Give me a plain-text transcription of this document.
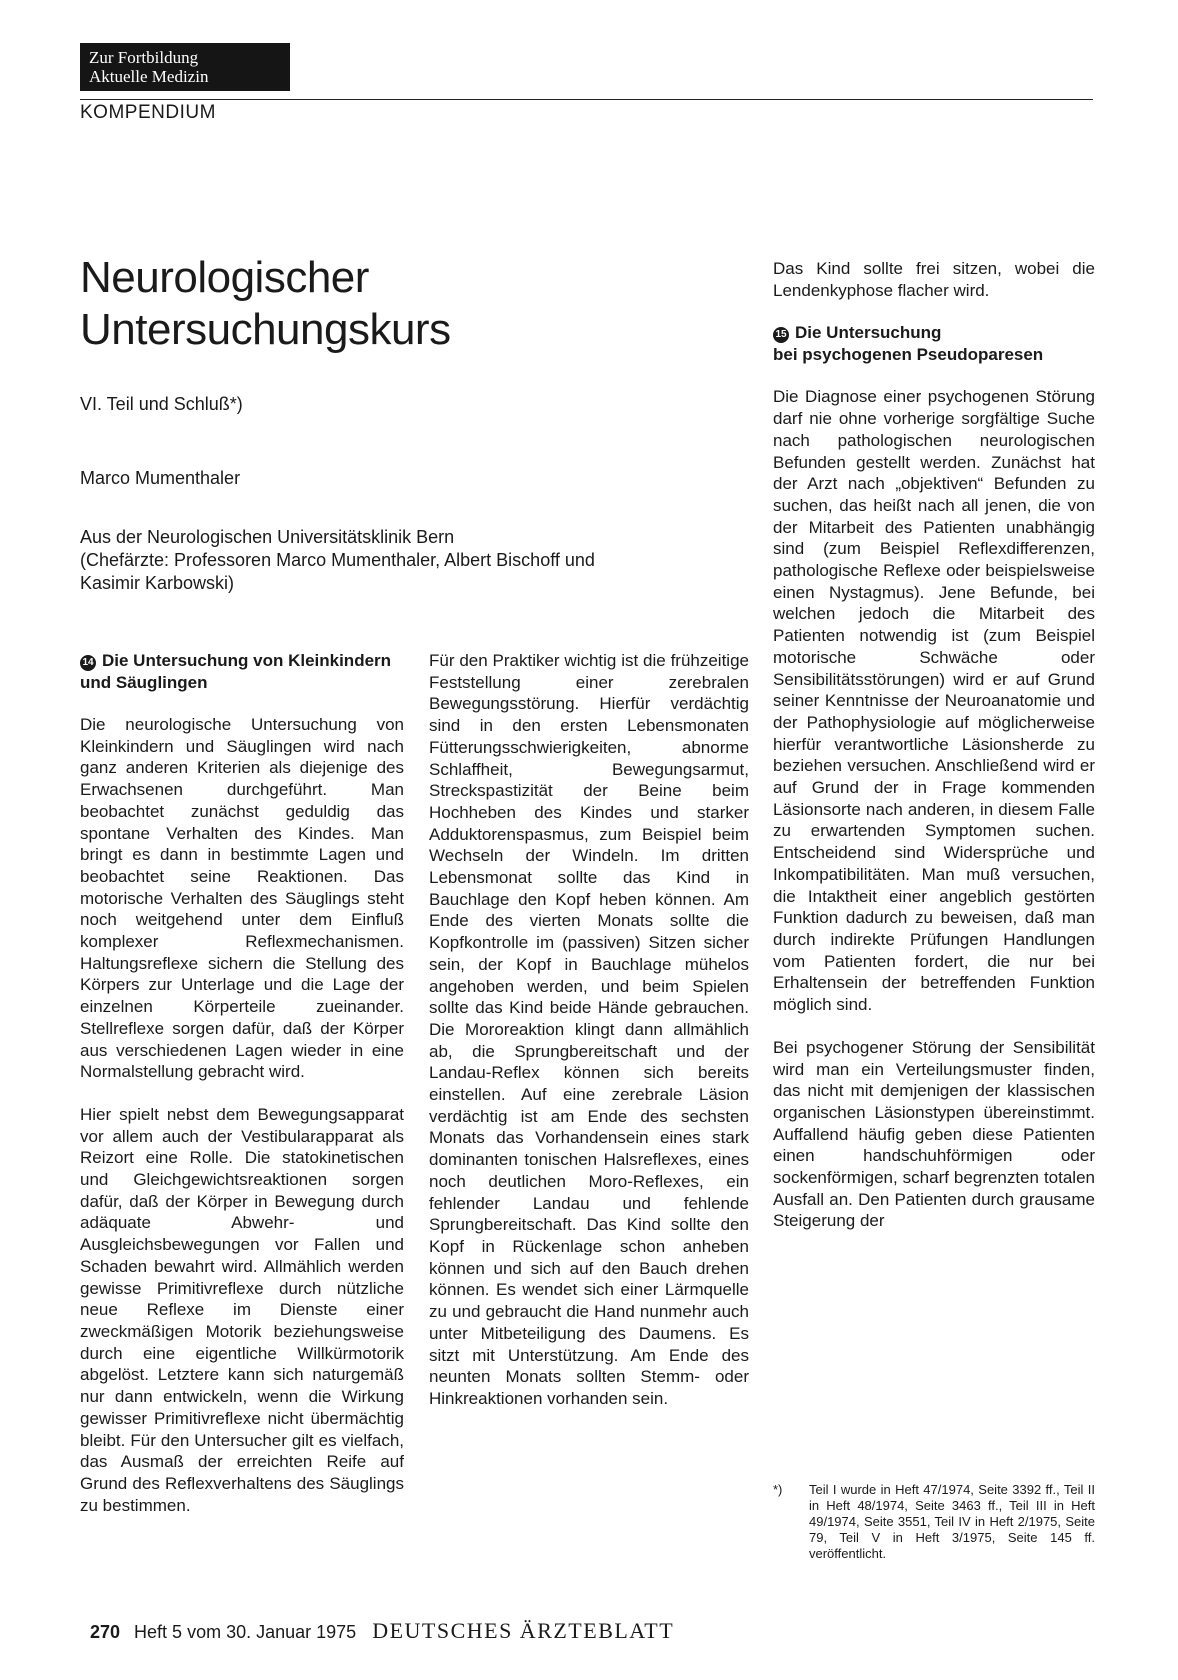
Zur Fortbildung
Aktuelle Medizin
KOMPENDIUM
Neurologischer
Untersuchungskurs
VI. Teil und Schluß*)
Marco Mumenthaler

Aus der Neurologischen Universitätsklinik Bern
(Chefärzte: Professoren Marco Mumenthaler, Albert Bischoff und
Kasimir Karbowski)

14 Die Untersuchung von Kleinkindern und Säuglingen

Die neurologische Untersuchung von Kleinkindern und Säuglingen wird nach ganz anderen Kriterien als diejenige des Erwachsenen durchgeführt. Man beobachtet zunächst geduldig das spontane Verhalten des Kindes. Man bringt es dann in bestimmte Lagen und beobachtet seine Reaktionen. Das motorische Verhalten des Säuglings steht noch weitgehend unter dem Einfluß komplexer Reflexmechanismen. Haltungsreflexe sichern die Stellung des Körpers zur Unterlage und die Lage der einzelnen Körperteile zueinander. Stellreflexe sorgen dafür, daß der Körper aus verschiedenen Lagen wieder in eine Normalstellung gebracht wird.

Hier spielt nebst dem Bewegungsapparat vor allem auch der Vestibularapparat als Reizort eine Rolle. Die statokinetischen und Gleichgewichtsreaktionen sorgen dafür, daß der Körper in Bewegung durch adäquate Abwehr- und Ausgleichsbewegungen vor Fallen und Schaden bewahrt wird. Allmählich werden gewisse Primitivreflexe durch nützliche neue Reflexe im Dienste einer zweckmäßigen Motorik beziehungsweise durch eine eigentliche Willkürmotorik abgelöst. Letztere kann sich naturgemäß nur dann entwickeln, wenn die Wirkung gewisser Primitivreflexe nicht übermächtig bleibt. Für den Untersucher gilt es vielfach, das Ausmaß der erreichten Reife auf Grund des Reflexverhaltens des Säuglings zu bestimmen.

Für den Praktiker wichtig ist die frühzeitige Feststellung einer zerebralen Bewegungsstörung. Hierfür verdächtig sind in den ersten Lebensmonaten Fütterungsschwierigkeiten, abnorme Schlaffheit, Bewegungsarmut, Streckspastizität der Beine beim Hochheben des Kindes und starker Adduktorenspasmus, zum Beispiel beim Wechseln der Windeln. Im dritten Lebensmonat sollte das Kind in Bauchlage den Kopf heben können. Am Ende des vierten Monats sollte die Kopfkontrolle im (passiven) Sitzen sicher sein, der Kopf in Bauchlage mühelos angehoben werden, und beim Spielen sollte das Kind beide Hände gebrauchen. Die Mororeaktion klingt dann allmählich ab, die Sprungbereitschaft und der Landau-Reflex können sich bereits einstellen. Auf eine zerebrale Läsion verdächtig ist am Ende des sechsten Monats das Vorhandensein eines stark dominanten tonischen Halsreflexes, eines noch deutlichen Moro-Reflexes, ein fehlender Landau und fehlende Sprungbereitschaft. Das Kind sollte den Kopf in Rückenlage schon anheben können und sich auf den Bauch drehen können. Es wendet sich einer Lärmquelle zu und gebraucht die Hand nunmehr auch unter Mitbeteiligung des Daumens. Es sitzt mit Unterstützung. Am Ende des neunten Monats sollten Stemm- oder Hinkreaktionen vorhanden sein.

Das Kind sollte frei sitzen, wobei die Lendenkyphose flacher wird.

15 Die Untersuchung
bei psychogenen Pseudoparesen

Die Diagnose einer psychogenen Störung darf nie ohne vorherige sorgfältige Suche nach pathologischen neurologischen Befunden gestellt werden. Zunächst hat der Arzt nach „objektiven“ Befunden zu suchen, das heißt nach all jenen, die von der Mitarbeit des Patienten unabhängig sind (zum Beispiel Reflexdifferenzen, pathologische Reflexe oder beispielsweise einen Nystagmus). Jene Befunde, bei welchen jedoch die Mitarbeit des Patienten notwendig ist (zum Beispiel motorische Schwäche oder Sensibilitätsstörungen) wird er auf Grund seiner Kenntnisse der Neuroanatomie und der Pathophysiologie auf möglicherweise hierfür verantwortliche Läsionsherde zu beziehen versuchen. Anschließend wird er auf Grund der in Frage kommenden Läsionsorte nach anderen, in diesem Falle zu erwartenden Symptomen suchen. Entscheidend sind Widersprüche und Inkompatibilitäten. Man muß versuchen, die Intaktheit einer angeblich gestörten Funktion dadurch zu beweisen, daß man durch indirekte Prüfungen Handlungen vom Patienten fordert, die nur bei Erhaltensein der betreffenden Funktion möglich sind.

Bei psychogener Störung der Sensibilität wird man ein Verteilungsmuster finden, das nicht mit demjenigen der klassischen organischen Läsionstypen übereinstimmt. Auffallend häufig geben diese Patienten einen handschuhförmigen oder sockenförmigen, scharf begrenzten totalen Ausfall an. Den Patienten durch grausame Steigerung der

*)	Teil I wurde in Heft 47/1974, Seite 3392 ff., Teil II in Heft 48/1974, Seite 3463 ff., Teil III in Heft 49/1974, Seite 3551, Teil IV in Heft 2/1975, Seite 79, Teil V in Heft 3/1975, Seite 145 ff. veröffentlicht.
270 Heft 5 vom 30. Januar 1975 DEUTSCHES ÄRZTEBLATT
